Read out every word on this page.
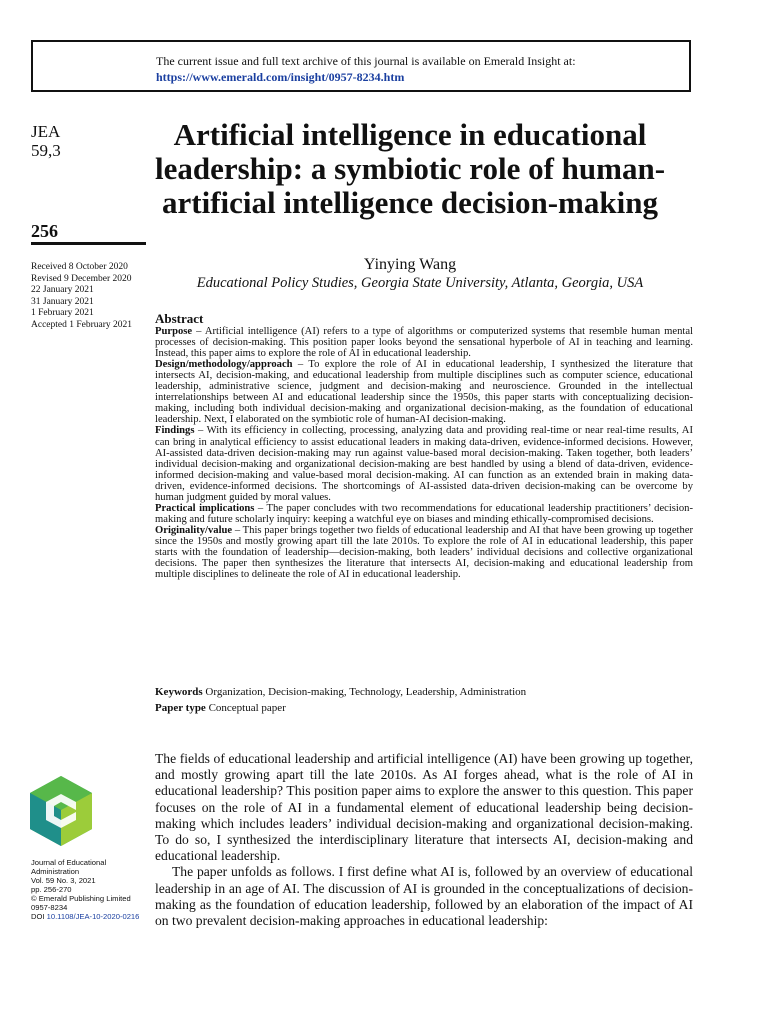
The current issue and full text archive of this journal is available on Emerald Insight at:
https://www.emerald.com/insight/0957-8234.htm
JEA
59,3
256
Received 8 October 2020
Revised 9 December 2020
22 January 2021
31 January 2021
1 February 2021
Accepted 1 February 2021
Artificial intelligence in educational leadership: a symbiotic role of human-artificial intelligence decision-making
Yinying Wang
Educational Policy Studies, Georgia State University, Atlanta, Georgia, USA
Abstract

Purpose – Artificial intelligence (AI) refers to a type of algorithms or computerized systems that resemble human mental processes of decision-making. This position paper looks beyond the sensational hyperbole of AI in teaching and learning. Instead, this paper aims to explore the role of AI in educational leadership.

Design/methodology/approach – To explore the role of AI in educational leadership, I synthesized the literature that intersects AI, decision-making, and educational leadership from multiple disciplines such as computer science, educational leadership, administrative science, judgment and decision-making and neuroscience. Grounded in the intellectual interrelationships between AI and educational leadership since the 1950s, this paper starts with conceptualizing decision-making, including both individual decision-making and organizational decision-making, as the foundation of educational leadership. Next, I elaborated on the symbiotic role of human-AI decision-making.

Findings – With its efficiency in collecting, processing, analyzing data and providing real-time or near real-time results, AI can bring in analytical efficiency to assist educational leaders in making data-driven, evidence-informed decisions. However, AI-assisted data-driven decision-making may run against value-based moral decision-making. Taken together, both leaders’ individual decision-making and organizational decision-making are best handled by using a blend of data-driven, evidence-informed decision-making and value-based moral decision-making. AI can function as an extended brain in making data-driven, evidence-informed decisions. The shortcomings of AI-assisted data-driven decision-making can be overcome by human judgment guided by moral values.

Practical implications – The paper concludes with two recommendations for educational leadership practitioners’ decision-making and future scholarly inquiry: keeping a watchful eye on biases and minding ethically-compromised decisions.

Originality/value – This paper brings together two fields of educational leadership and AI that have been growing up together since the 1950s and mostly growing apart till the late 2010s. To explore the role of AI in educational leadership, this paper starts with the foundation of leadership—decision-making, both leaders’ individual decisions and collective organizational decisions. The paper then synthesizes the literature that intersects AI, decision-making and educational leadership from multiple disciplines to delineate the role of AI in educational leadership.

Keywords Organization, Decision-making, Technology, Leadership, Administration
Paper type Conceptual paper

The fields of educational leadership and artificial intelligence (AI) have been growing up together, and mostly growing apart till the late 2010s. As AI forges ahead, what is the role of AI in educational leadership? This position paper aims to explore the answer to this question. This paper focuses on the role of AI in a fundamental element of educational leadership being decision-making which includes leaders’ individual decision-making and organizational decision-making. To do so, I synthesized the interdisciplinary literature that intersects AI, decision-making and educational leadership.

The paper unfolds as follows. I first define what AI is, followed by an overview of educational leadership in an age of AI. The discussion of AI is grounded in the conceptualizations of decision-making as the foundation of education leadership, followed by an elaboration of the impact of AI on two prevalent decision-making approaches in educational leadership:

Journal of Educational
Administration
Vol. 59 No. 3, 2021
pp. 256-270
© Emerald Publishing Limited
0957-8234
DOI 10.1108/JEA-10-2020-0216
